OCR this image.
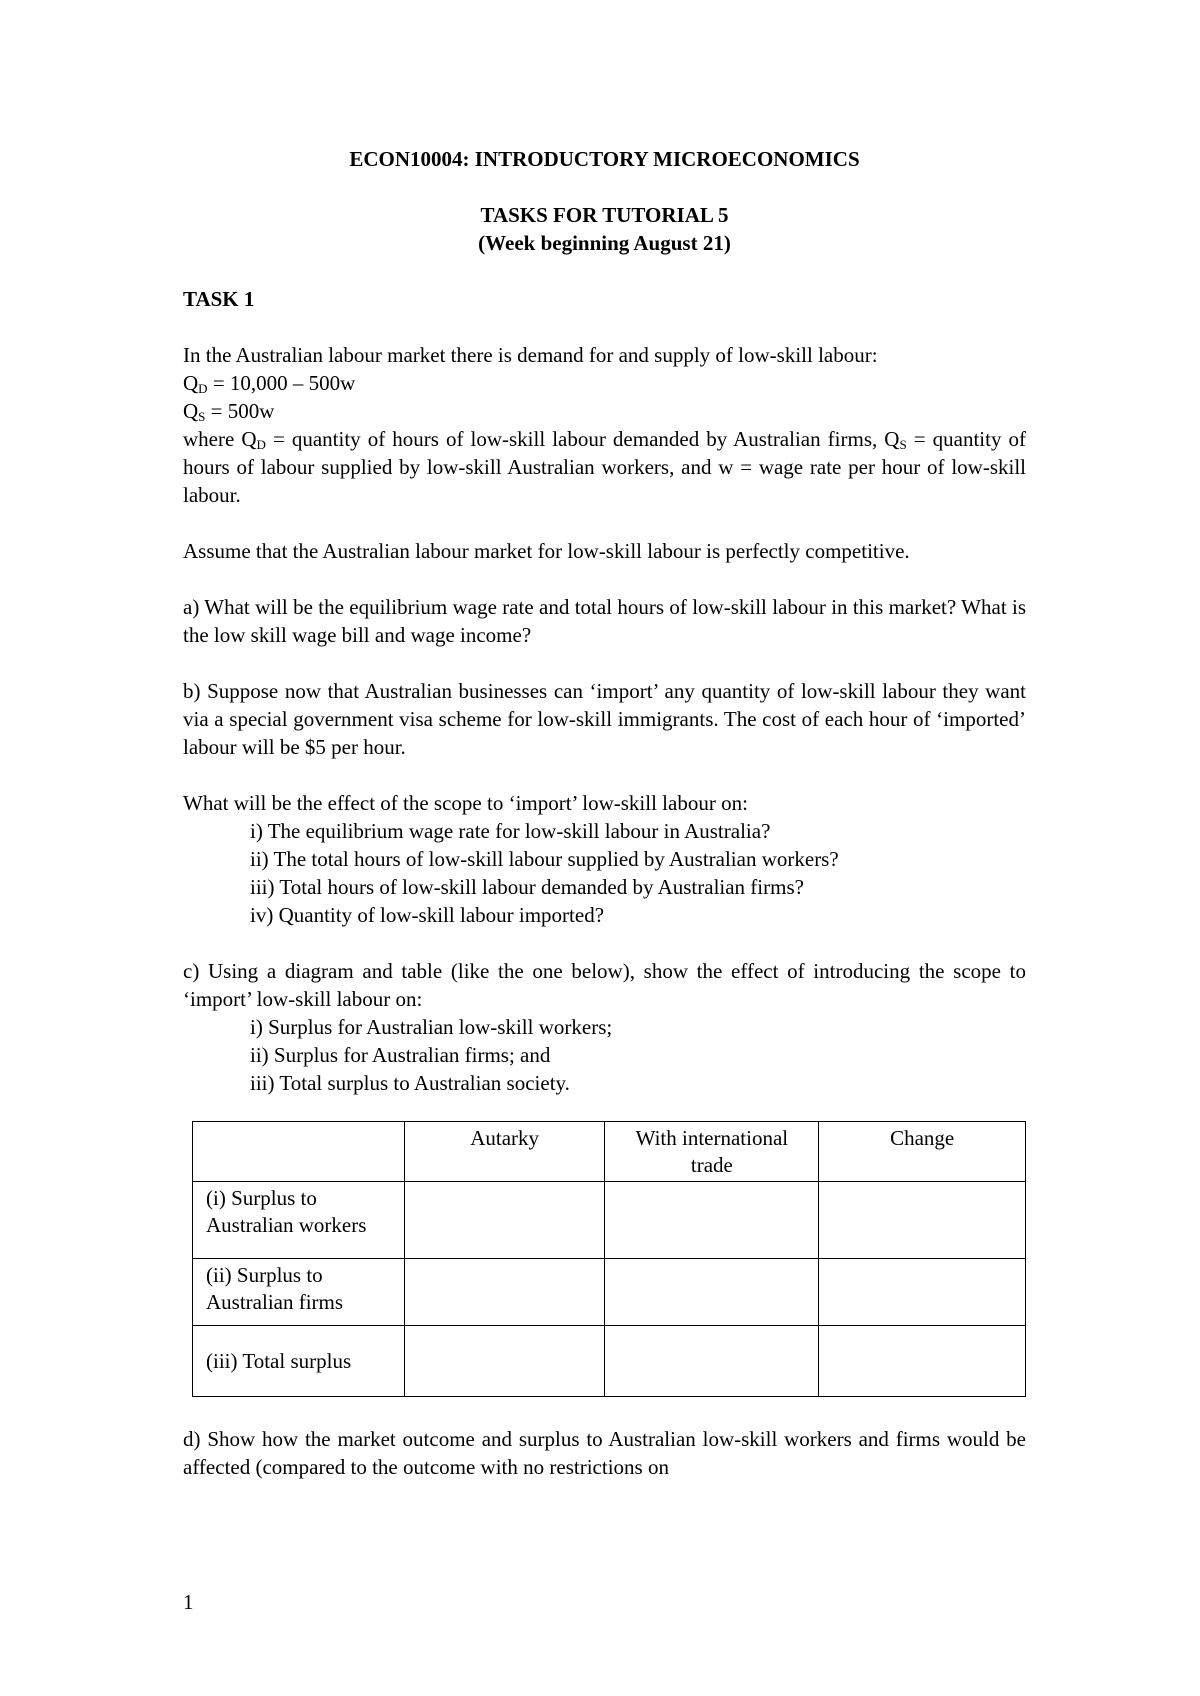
ECON10004: INTRODUCTORY MICROECONOMICS

TASKS FOR TUTORIAL 5

(Week beginning August 21)

TASK 1

In the Australian labour market there is demand for and supply of low-skill labour:

$Q_D = 10,000 - 500w$

$Q_S = 500w$

where $Q_D$ = quantity of hours of low-skill labour demanded by Australian firms, $Q_S$ = quantity of hours of labour supplied by low-skill Australian workers, and w = wage rate per hour of low-skill labour.

Assume that the Australian labour market for low-skill labour is perfectly competitive.

a) What will be the equilibrium wage rate and total hours of low-skill labour in this market? What is the low skill wage bill and wage income?

b) Suppose now that Australian businesses can ‘import’ any quantity of low-skill labour they want via a special government visa scheme for low-skill immigrants. The cost of each hour of ‘imported’ labour will be $5 per hour.

What will be the effect of the scope to ‘import’ low-skill labour on:

i) The equilibrium wage rate for low-skill labour in Australia?

ii) The total hours of low-skill labour supplied by Australian workers?

iii) Total hours of low-skill labour demanded by Australian firms?

iv) Quantity of low-skill labour imported?

c) Using a diagram and table (like the one below), show the effect of introducing the scope to ‘import’ low-skill labour on:

i) Surplus for Australian low-skill workers;

ii) Surplus for Australian firms; and

iii) Total surplus to Australian society.

	Autarky	With international trade	Change
(i) Surplus to Australian workers			
(ii) Surplus to Australian firms			
(iii) Total surplus			

d) Show how the market outcome and surplus to Australian low-skill workers and firms would be affected (compared to the outcome with no restrictions on

1
